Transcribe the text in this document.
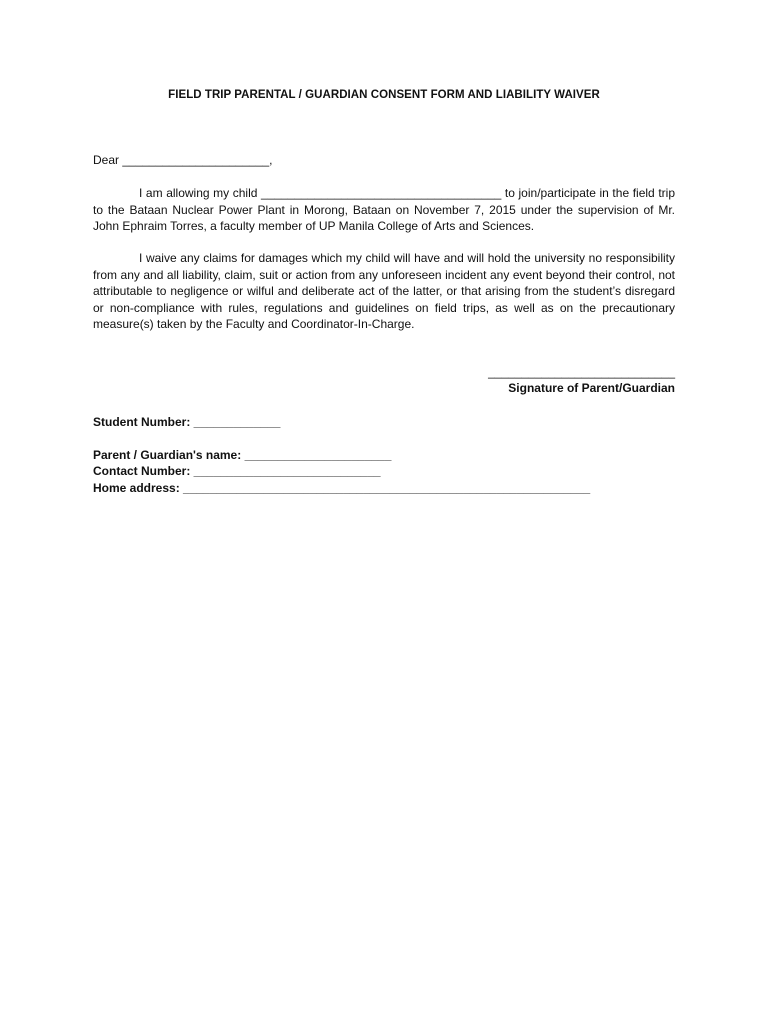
FIELD TRIP PARENTAL / GUARDIAN CONSENT FORM AND LIABILITY WAIVER
Dear ______________________,

I am allowing my child ____________________________________ to join/participate in the field trip to the Bataan Nuclear Power Plant in Morong, Bataan on November 7, 2015 under the supervision of Mr. John Ephraim Torres, a faculty member of UP Manila College of Arts and Sciences.

I waive any claims for damages which my child will have and will hold the university no responsibility from any and all liability, claim, suit or action from any unforeseen incident any event beyond their control, not attributable to negligence or wilful and deliberate act of the latter, or that arising from the student’s disregard or non-compliance with rules, regulations and guidelines on field trips, as well as on the precautionary measure(s) taken by the Faculty and Coordinator-In-Charge.

____________________________
Signature of Parent/Guardian
Student Number: _____________
Parent / Guardian's name: ______________________
Contact Number: ____________________________
Home address: _____________________________________________________________
